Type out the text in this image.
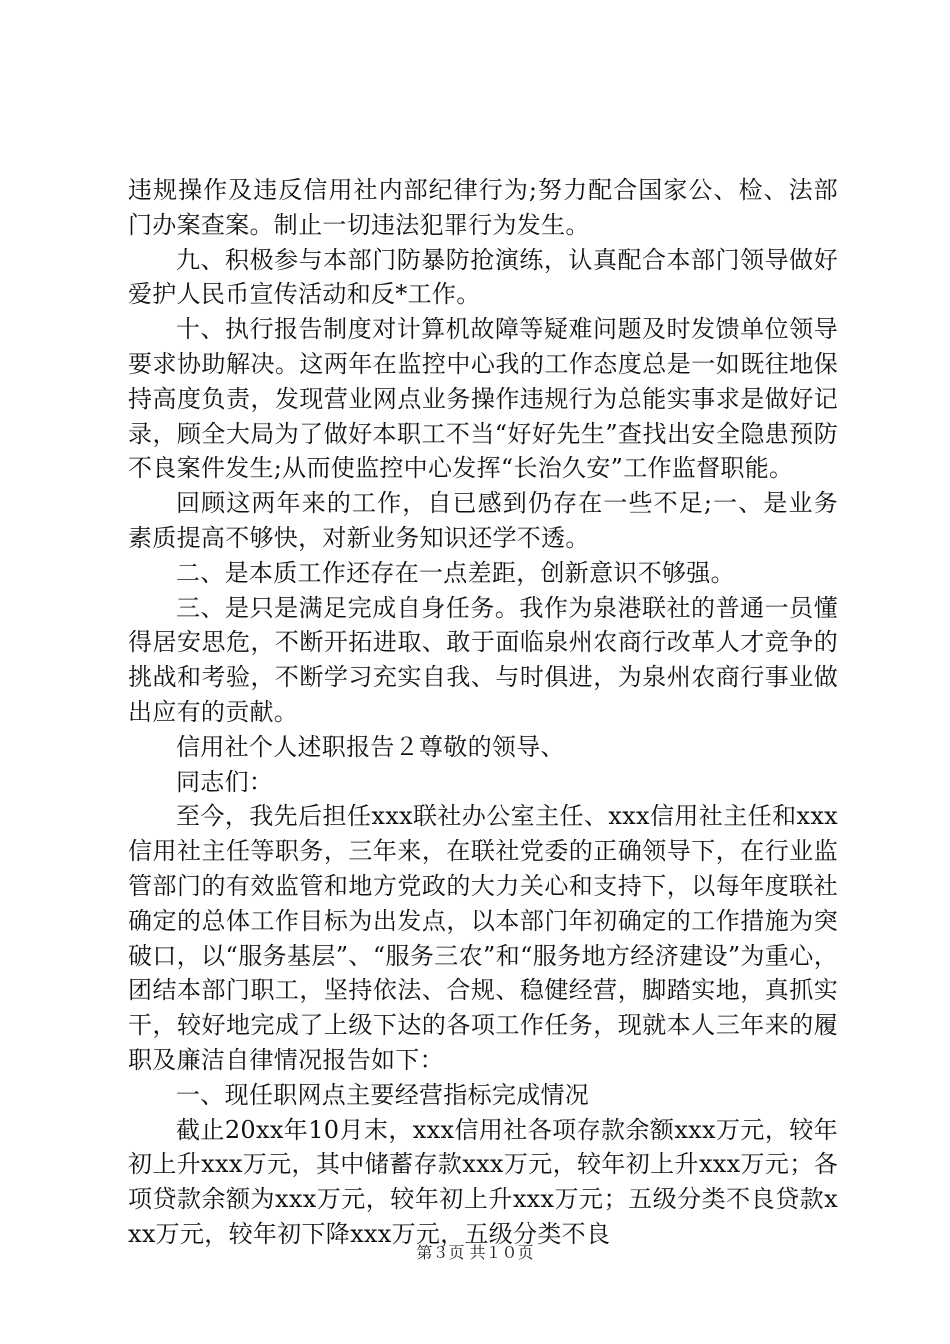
违规操作及违反信用社内部纪律行为;努力配合国家公、检、法部门办案查案。制止一切违法犯罪行为发生。

九、积极参与本部门防暴防抢演练，认真配合本部门领导做好爱护人民币宣传活动和反*工作。

十、执行报告制度对计算机故障等疑难问题及时发馈单位领导要求协助解决。这两年在监控中心我的工作态度总是一如既往地保持高度负责，发现营业网点业务操作违规行为总能实事求是做好记录，顾全大局为了做好本职工不当“好好先生”查找出安全隐患预防不良案件发生;从而使监控中心发挥“长治久安”工作监督职能。

回顾这两年来的工作，自已感到仍存在一些不足;一、是业务素质提高不够快，对新业务知识还学不透。

二、是本质工作还存在一点差距，创新意识不够强。

三、是只是满足完成自身任务。我作为泉港联社的普通一员懂得居安思危，不断开拓进取、敢于面临泉州农商行改革人才竞争的挑战和考验，不断学习充实自我、与时俱进，为泉州农商行事业做出应有的贡献。

信用社个人述职报告２尊敬的领导、

同志们：

至今，我先后担任xxx联社办公室主任、xxx信用社主任和xxx信用社主任等职务，三年来，在联社党委的正确领导下，在行业监管部门的有效监管和地方党政的大力关心和支持下，以每年度联社确定的总体工作目标为出发点，以本部门年初确定的工作措施为突破口，以“服务基层”、“服务三农”和“服务地方经济建设”为重心，团结本部门职工，坚持依法、合规、稳健经营，脚踏实地，真抓实干，较好地完成了上级下达的各项工作任务，现就本人三年来的履职及廉洁自律情况报告如下：

一、现任职网点主要经营指标完成情况

截止20xx年10月末，xxx信用社各项存款余额xxx万元，较年初上升xxx万元，其中储蓄存款xxx万元，较年初上升xxx万元；各项贷款余额为xxx万元，较年初上升xxx万元；五级分类不良贷款xxx万元，较年初下降xxx万元，五级分类不良

第３页 共１０页
